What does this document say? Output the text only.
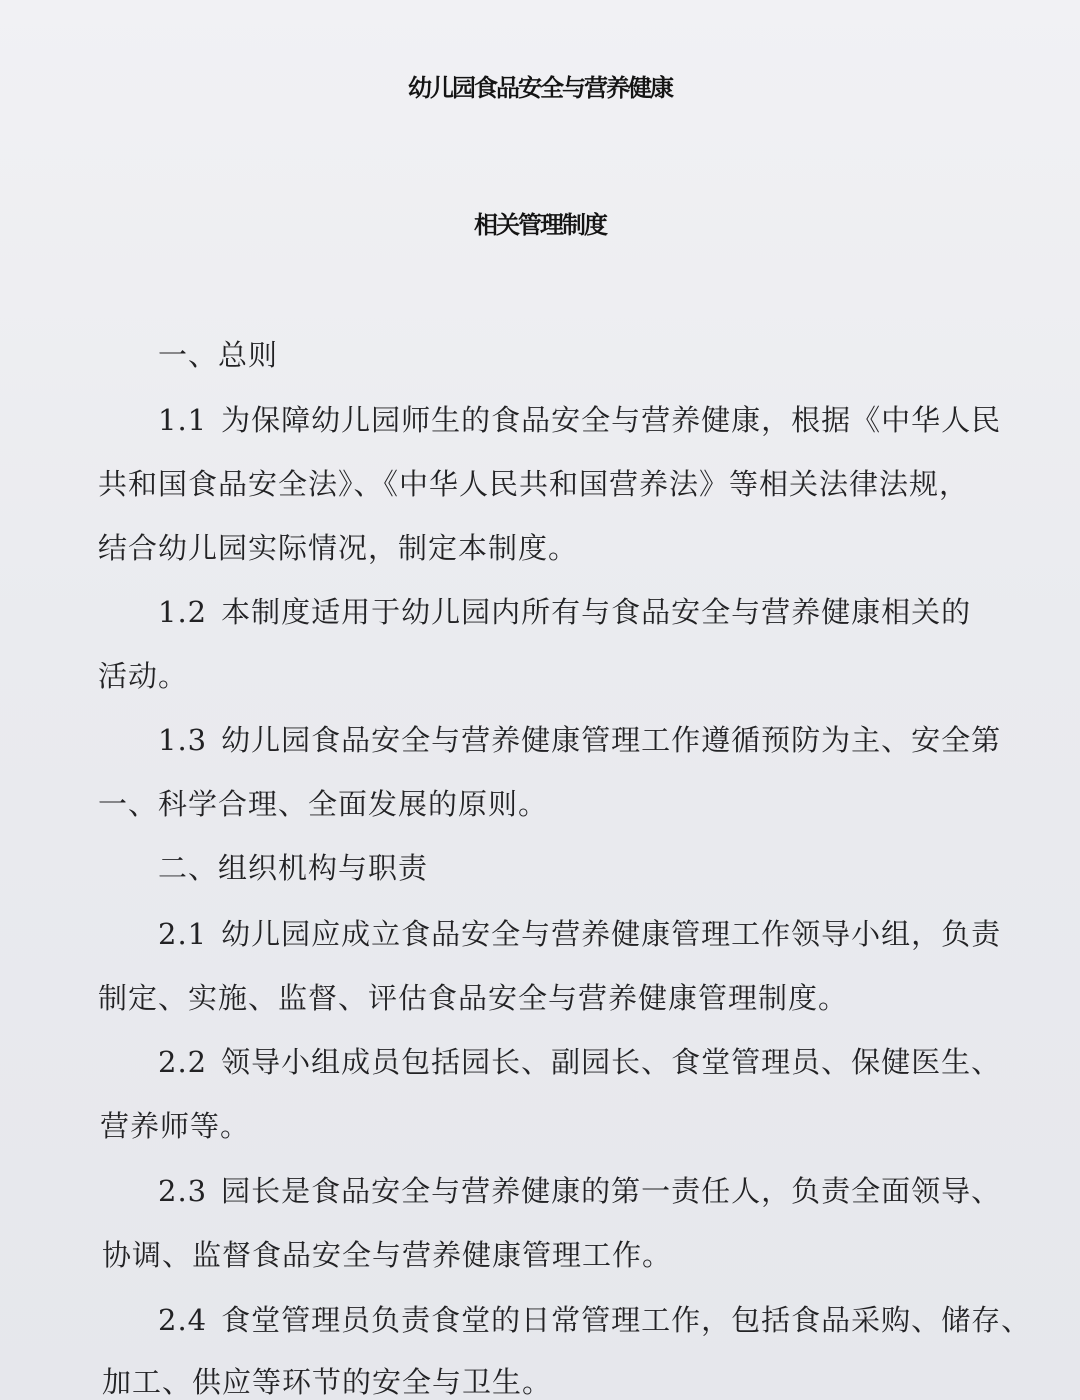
幼儿园食品安全与营养健康
相关管理制度
一、总则
1.1 为保障幼儿园师生的食品安全与营养健康，根据《中华人民
共和国食品安全法》、《中华人民共和国营养法》等相关法律法规，
结合幼儿园实际情况，制定本制度。
1.2 本制度适用于幼儿园内所有与食品安全与营养健康相关的
活动。
1.3 幼儿园食品安全与营养健康管理工作遵循预防为主、安全第
一、科学合理、全面发展的原则。
二、组织机构与职责
2.1 幼儿园应成立食品安全与营养健康管理工作领导小组，负责
制定、实施、监督、评估食品安全与营养健康管理制度。
2.2 领导小组成员包括园长、副园长、食堂管理员、保健医生、
营养师等。
2.3 园长是食品安全与营养健康的第一责任人，负责全面领导、
协调、监督食品安全与营养健康管理工作。
2.4 食堂管理员负责食堂的日常管理工作，包括食品采购、储存、
加工、供应等环节的安全与卫生。
